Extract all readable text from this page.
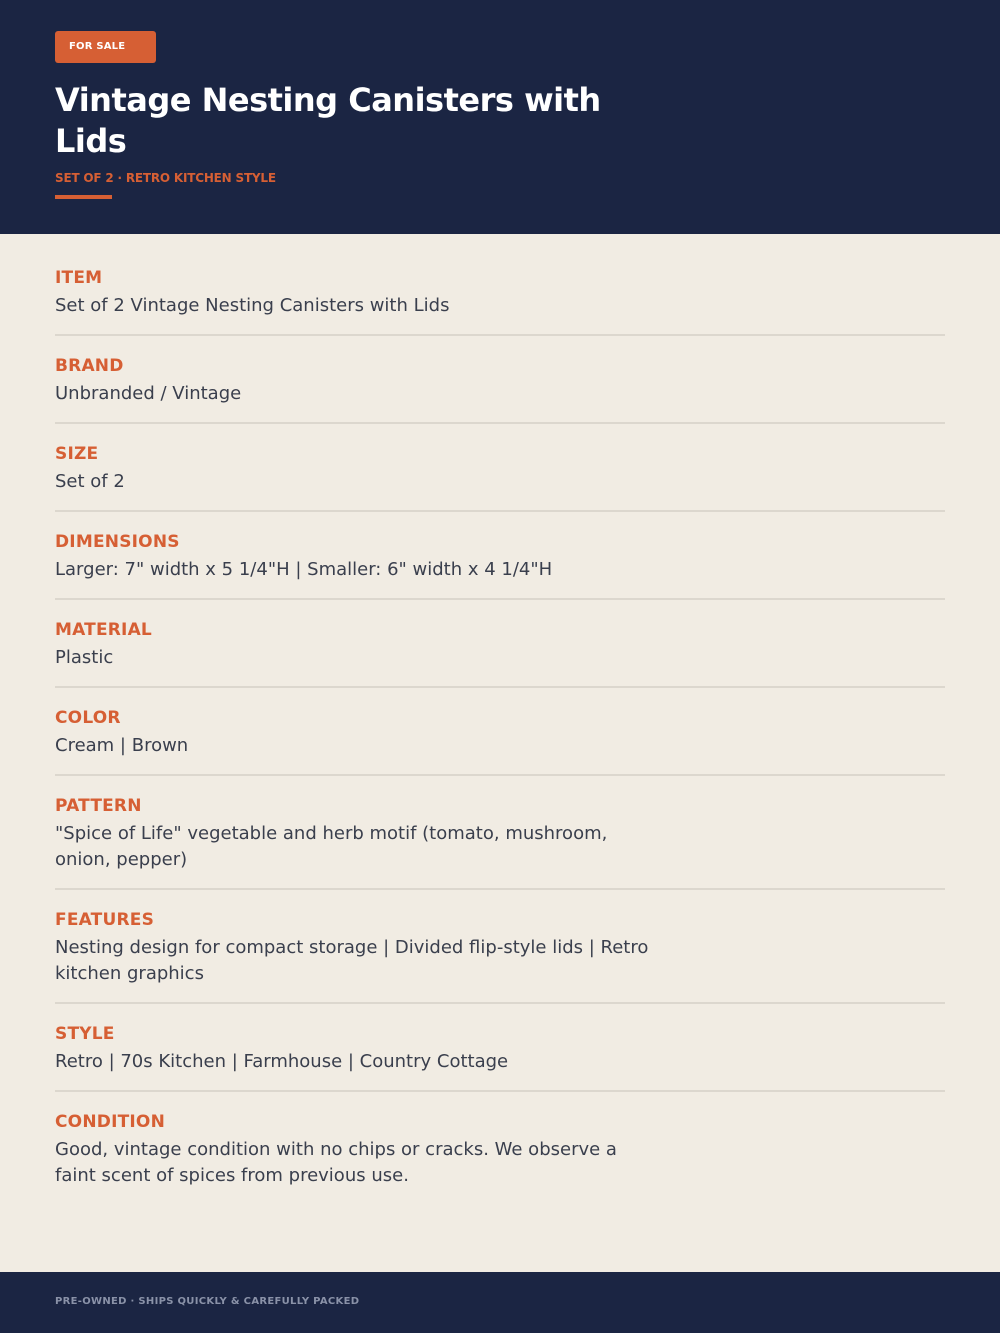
FOR SALE
Vintage Nesting Canisters with Lids
SET OF 2 · RETRO KITCHEN STYLE
ITEM
Set of 2 Vintage Nesting Canisters with Lids
BRAND
Unbranded / Vintage
SIZE
Set of 2
DIMENSIONS
Larger: 7" width x 5 1/4"H | Smaller: 6" width x 4 1/4"H
MATERIAL
Plastic
COLOR
Cream | Brown
PATTERN
"Spice of Life" vegetable and herb motif (tomato, mushroom, onion, pepper)
FEATURES
Nesting design for compact storage | Divided flip-style lids | Retro kitchen graphics
STYLE
Retro | 70s Kitchen | Farmhouse | Country Cottage
CONDITION
Good, vintage condition with no chips or cracks. We observe a faint scent of spices from previous use.
PRE-OWNED · SHIPS QUICKLY & CAREFULLY PACKED
